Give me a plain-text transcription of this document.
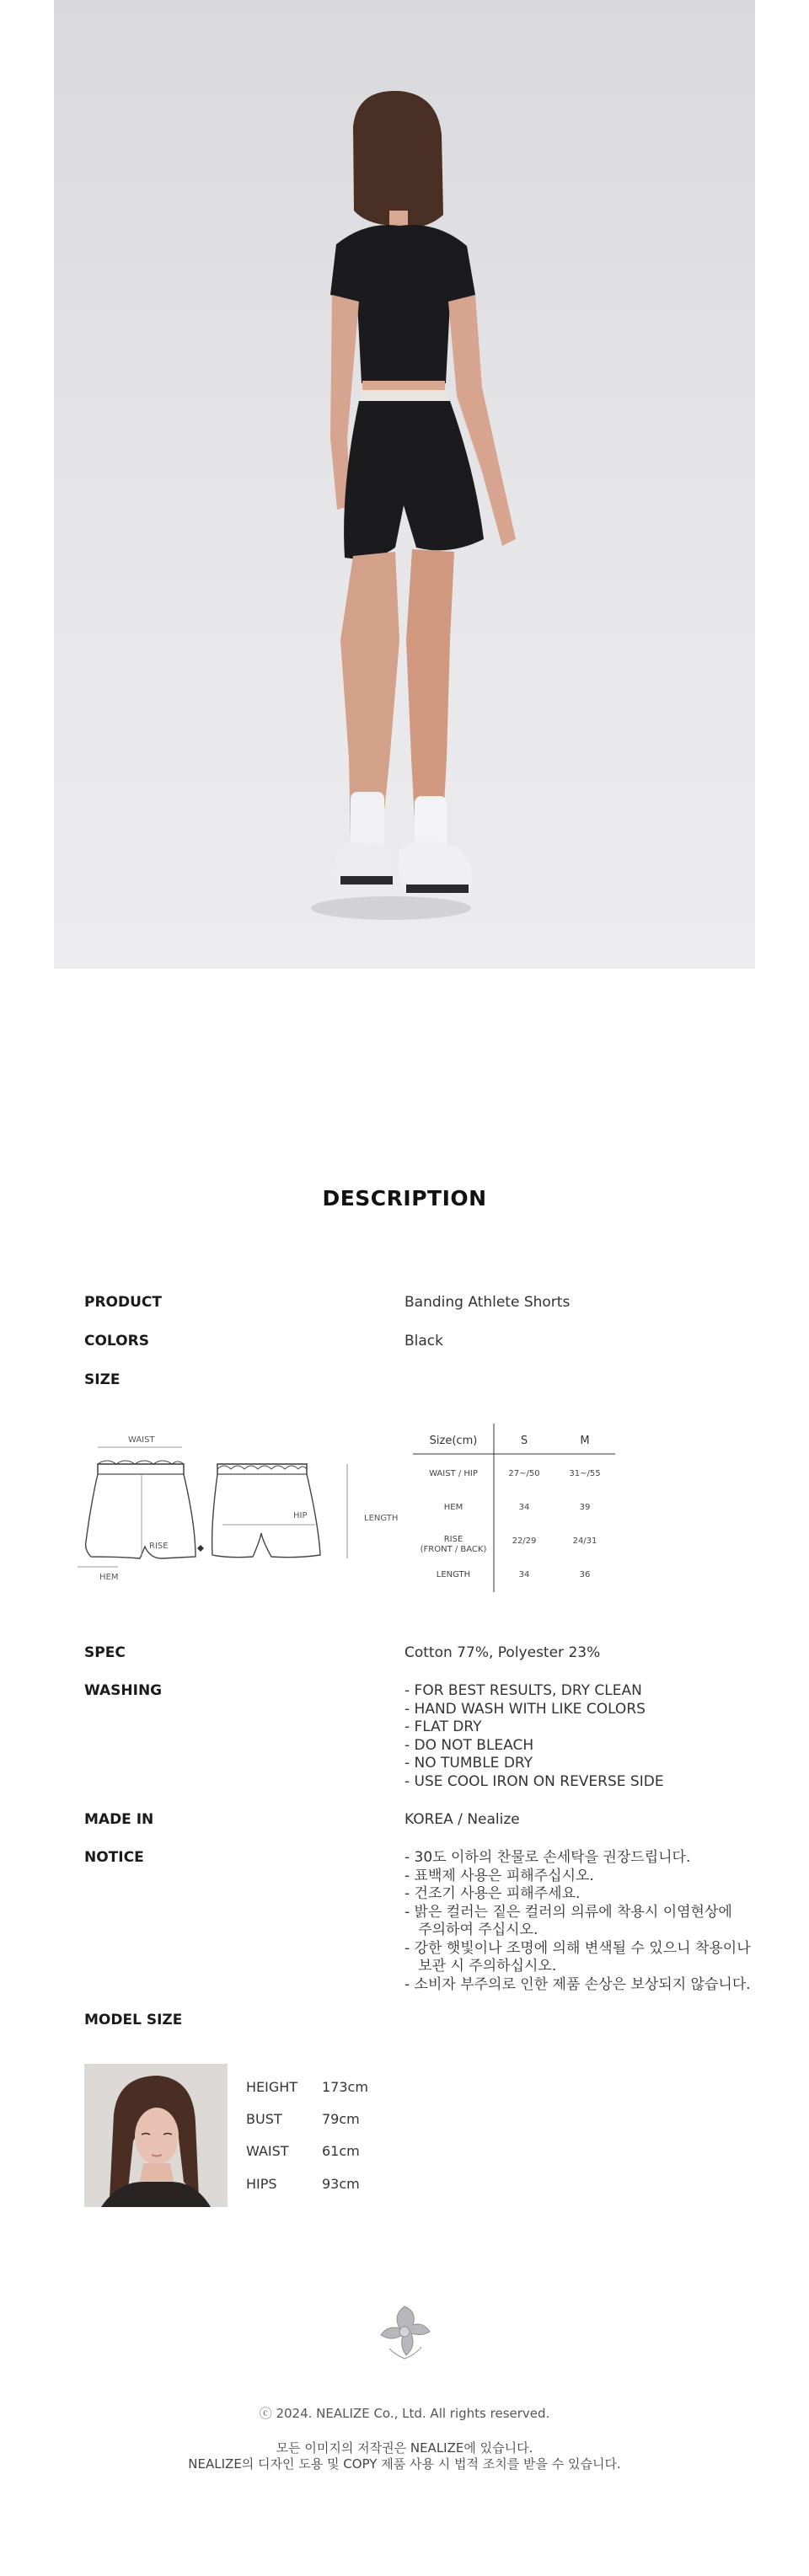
DESCRIPTION
PRODUCT	Banding Athlete Shorts
COLORS	Black
SIZE
WAIST
HIP
RISE
HEM
LENGTH
Size(cm)	S	M
WAIST / HIP	27~/50	31~/55
HEM	34	39
RISE
(FRONT / BACK)
22/29	24/31
LENGTH	34	36
SPEC	Cotton 77%, Polyester 23%
WASHING	- FOR BEST RESULTS, DRY CLEAN
- HAND WASH WITH LIKE COLORS
- FLAT DRY
- DO NOT BLEACH
- NO TUMBLE DRY
- USE COOL IRON ON REVERSE SIDE
MADE IN	KOREA / Nealize
NOTICE	- 30도 이하의 찬물로 손세탁을 권장드립니다.
- 표백제 사용은 피해주십시오.
- 건조기 사용은 피해주세요.
- 밝은 컬러는 짙은 컬러의 의류에 착용시 이염현상에
주의하여 주십시오.
- 강한 햇빛이나 조명에 의해 변색될 수 있으니 착용이나
보관 시 주의하십시오.
- 소비자 부주의로 인한 제품 손상은 보상되지 않습니다.
MODEL SIZE
HEIGHT 173cm
BUST	79cm
WAIST 61cm
HIPS	93cm
ⓒ 2024. NEALIZE Co., Ltd. All rights reserved.
모든 이미지의 저작권은 NEALIZE에 있습니다.
NEALIZE의 디자인 도용 및 COPY 제품 사용 시 법적 조치를 받을 수 있습니다.
